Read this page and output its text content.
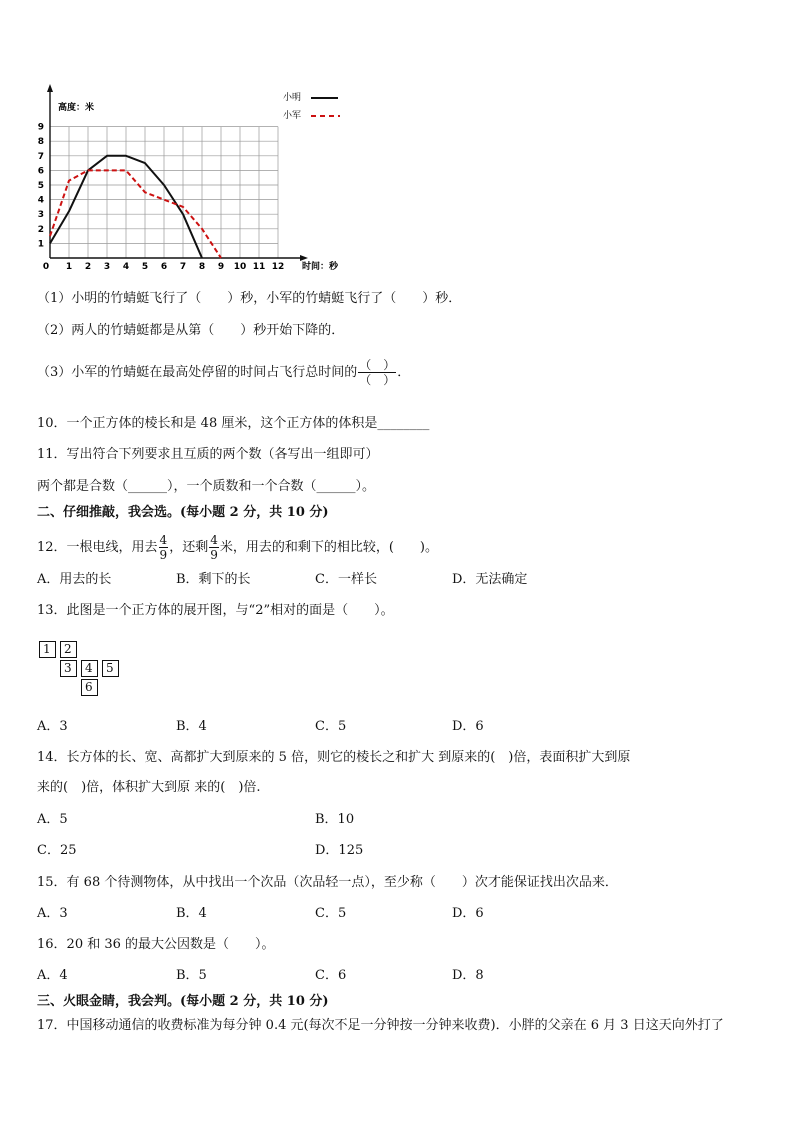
0 1 2 3 4 5 6 7 8 9 10 11 12
1
2
3
4
5
6
7
8
9
高度：米
时间：秒
小明
小军
（1）小明的竹蜻蜓飞行了（　　）秒，小军的竹蜻蜓飞行了（　　）秒．
（2）两人的竹蜻蜓都是从第（　　）秒开始下降的．
（3）小军的竹蜻蜓在最高处停留的时间占飞行总时间的 $\frac{( )}{( )}$ ．
10．一个正方体的棱长和是 48 厘米，这个正方体的体积是________
11．写出符合下列要求且互质的两个数（各写出一组即可）
两个都是合数（______），一个质数和一个合数（______）。
二、仔细推敲，我会选。(每小题 2 分，共 10 分)
12．一根电线，用去 $\frac{4}{9}$ ，还剩 $\frac{4}{9}$ 米，用去的和剩下的相比较，(　　)。
A．用去的长	B．剩下的长	C．一样长	D．无法确定
13．此图是一个正方体的展开图，与“2”相对的面是（　　）。
1	2
3	4	5
6
A．3	B．4	C．5	D．6
14．长方体的长、宽、高都扩大到原来的 5 倍，则它的棱长之和扩大 到原来的(　)倍，表面积扩大到原
来的(　)倍，体积扩大到原 来的(　)倍.
A．5	B．10
C．25	D．125
15．有 68 个待测物体，从中找出一个次品（次品轻一点），至少称（　　）次才能保证找出次品来．
A．3	B．4	C．5	D．6
16．20 和 36 的最大公因数是（　　）。
A．4	B．5	C．6	D．8
三、火眼金睛，我会判。(每小题 2 分，共 10 分)
17．中国移动通信的收费标准为每分钟 0.4 元(每次不足一分钟按一分钟来收费)．小胖的父亲在 6 月 3 日这天向外打了
